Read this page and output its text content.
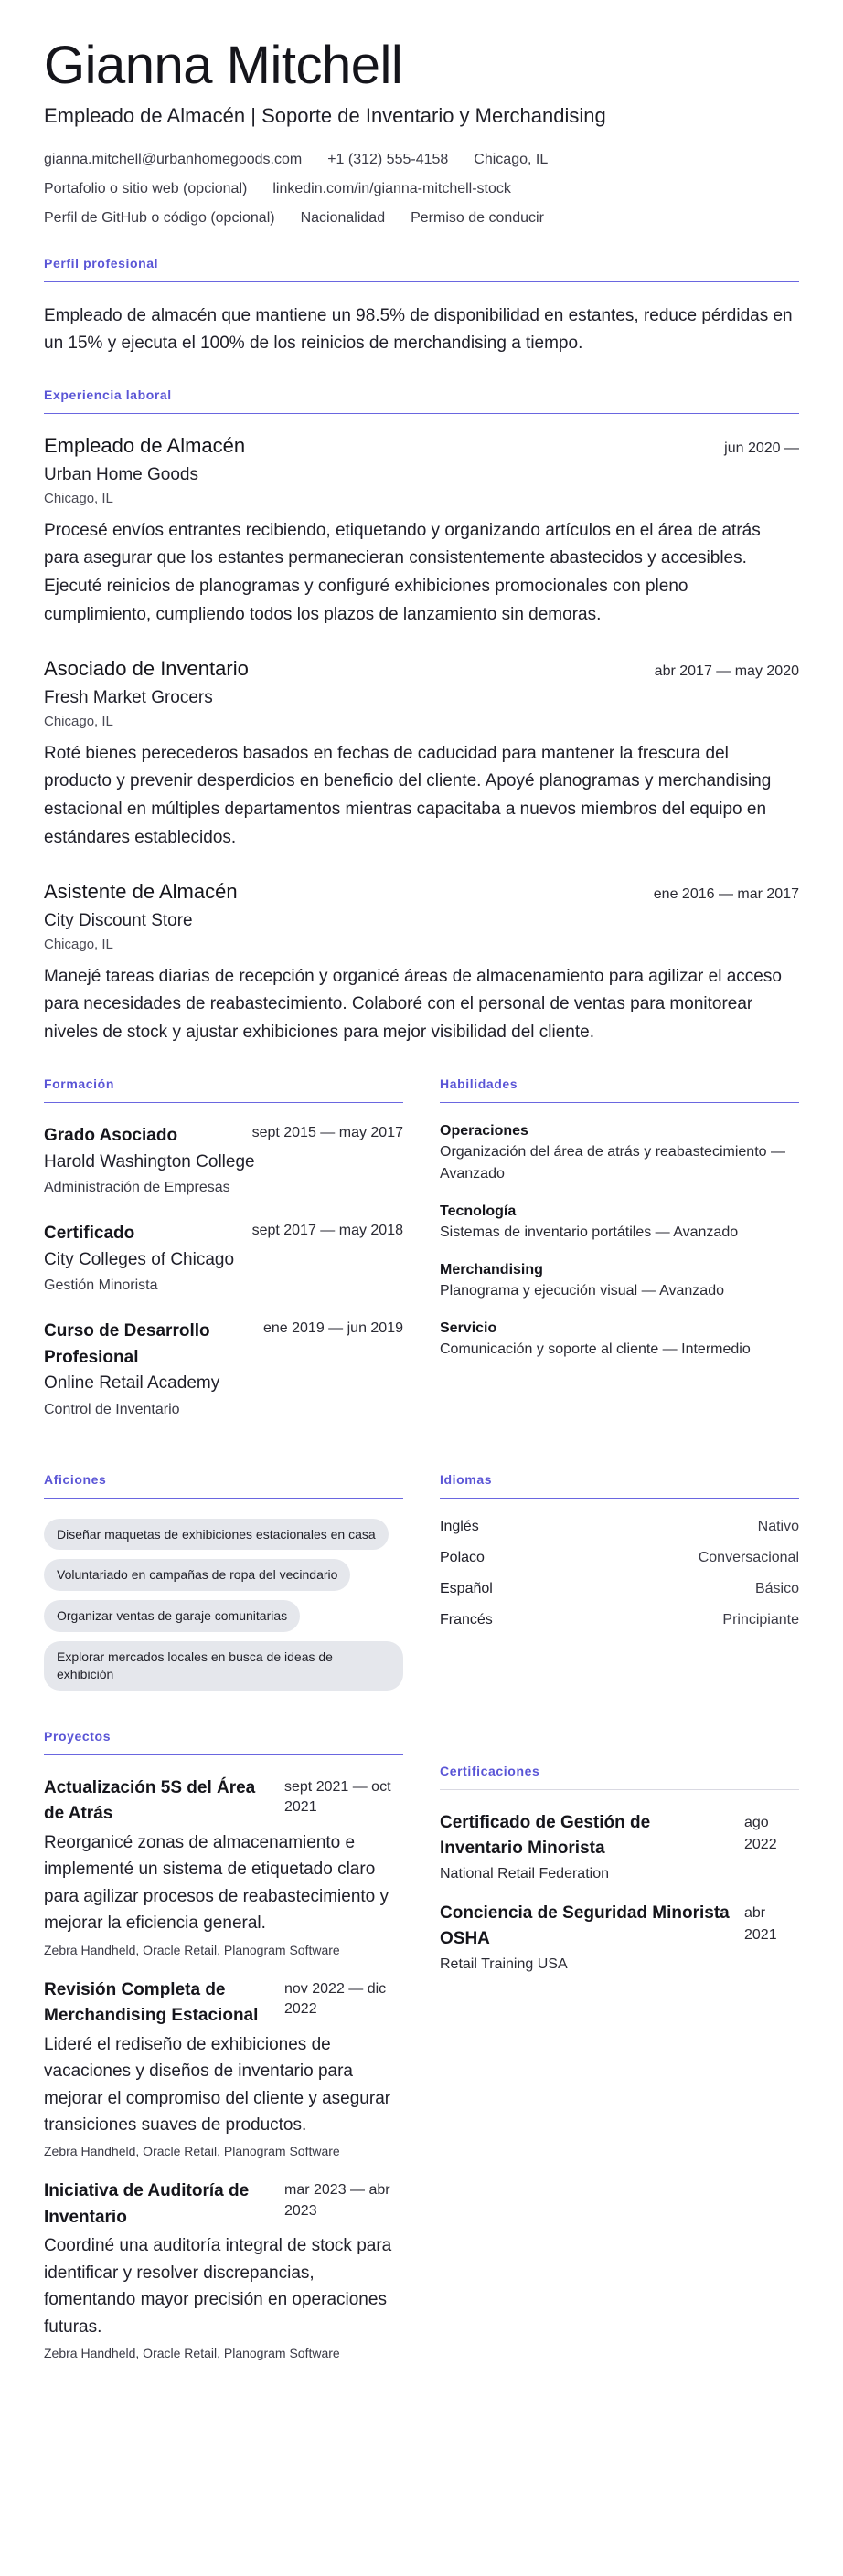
Gianna Mitchell
Empleado de Almacén | Soporte de Inventario y Merchandising
gianna.mitchell@urbanhomegoods.com +1 (312) 555-4158 Chicago, IL
Portafolio o sitio web (opcional) linkedin.com/in/gianna-mitchell-stock
Perfil de GitHub o código (opcional) Nacionalidad Permiso de conducir
Perfil profesional

Empleado de almacén que mantiene un 98.5% de disponibilidad en estantes, reduce pérdidas en un 15% y ejecuta el 100% de los reinicios de merchandising a tiempo.

Experiencia laboral
Empleado de Almacén	jun 2020 —
Urban Home Goods
Chicago, IL

Procesé envíos entrantes recibiendo, etiquetando y organizando artículos en el área de atrás para asegurar que los estantes permanecieran consistentemente abastecidos y accesibles. Ejecuté reinicios de planogramas y configuré exhibiciones promocionales con pleno cumplimiento, cumpliendo todos los plazos de lanzamiento sin demoras.

Asociado de Inventario	abr 2017 — may 2020
Fresh Market Grocers
Chicago, IL

Roté bienes perecederos basados en fechas de caducidad para mantener la frescura del producto y prevenir desperdicios en beneficio del cliente. Apoyé planogramas y merchandising estacional en múltiples departamentos mientras capacitaba a nuevos miembros del equipo en estándares establecidos.

Asistente de Almacén	ene 2016 — mar 2017
City Discount Store
Chicago, IL

Manejé tareas diarias de recepción y organicé áreas de almacenamiento para agilizar el acceso para necesidades de reabastecimiento. Colaboré con el personal de ventas para monitorear niveles de stock y ajustar exhibiciones para mejor visibilidad del cliente.

Formación
Grado Asociado	sept 2015 — may 2017
Harold Washington College
Administración de Empresas
Certificado	sept 2017 — may 2018
City Colleges of Chicago
Gestión Minorista
Curso de Desarrollo Profesional
ene 2019 — jun 2019
Online Retail Academy
Control de Inventario
Habilidades
Operaciones
Organización del área de atrás y reabastecimiento — Avanzado
Tecnología
Sistemas de inventario portátiles — Avanzado
Merchandising
Planograma y ejecución visual — Avanzado
Servicio
Comunicación y soporte al cliente — Intermedio
Aficiones
Diseñar maquetas de exhibiciones estacionales en casa
Voluntariado en campañas de ropa del vecindario
Organizar ventas de garaje comunitarias
Explorar mercados locales en busca de ideas de exhibición
Idiomas
Inglés	Nativo
Polaco	Conversacional
Español	Básico
Francés	Principiante
Proyectos
Actualización 5S del Área de Atrás
sept 2021 — oct 2021

Reorganicé zonas de almacenamiento e implementé un sistema de etiquetado claro para agilizar procesos de reabastecimiento y mejorar la eficiencia general.

Zebra Handheld, Oracle Retail, Planogram Software
Revisión Completa de Merchandising Estacional
nov 2022 — dic 2022

Lideré el rediseño de exhibiciones de vacaciones y diseños de inventario para mejorar el compromiso del cliente y asegurar transiciones suaves de productos.

Zebra Handheld, Oracle Retail, Planogram Software
Iniciativa de Auditoría de Inventario
mar 2023 — abr 2023

Coordiné una auditoría integral de stock para identificar y resolver discrepancias, fomentando mayor precisión en operaciones futuras.

Zebra Handheld, Oracle Retail, Planogram Software
Certificaciones
Certificado de Gestión de Inventario Minorista
ago 2022
National Retail Federation
Conciencia de Seguridad Minorista OSHA
abr 2021
Retail Training USA
